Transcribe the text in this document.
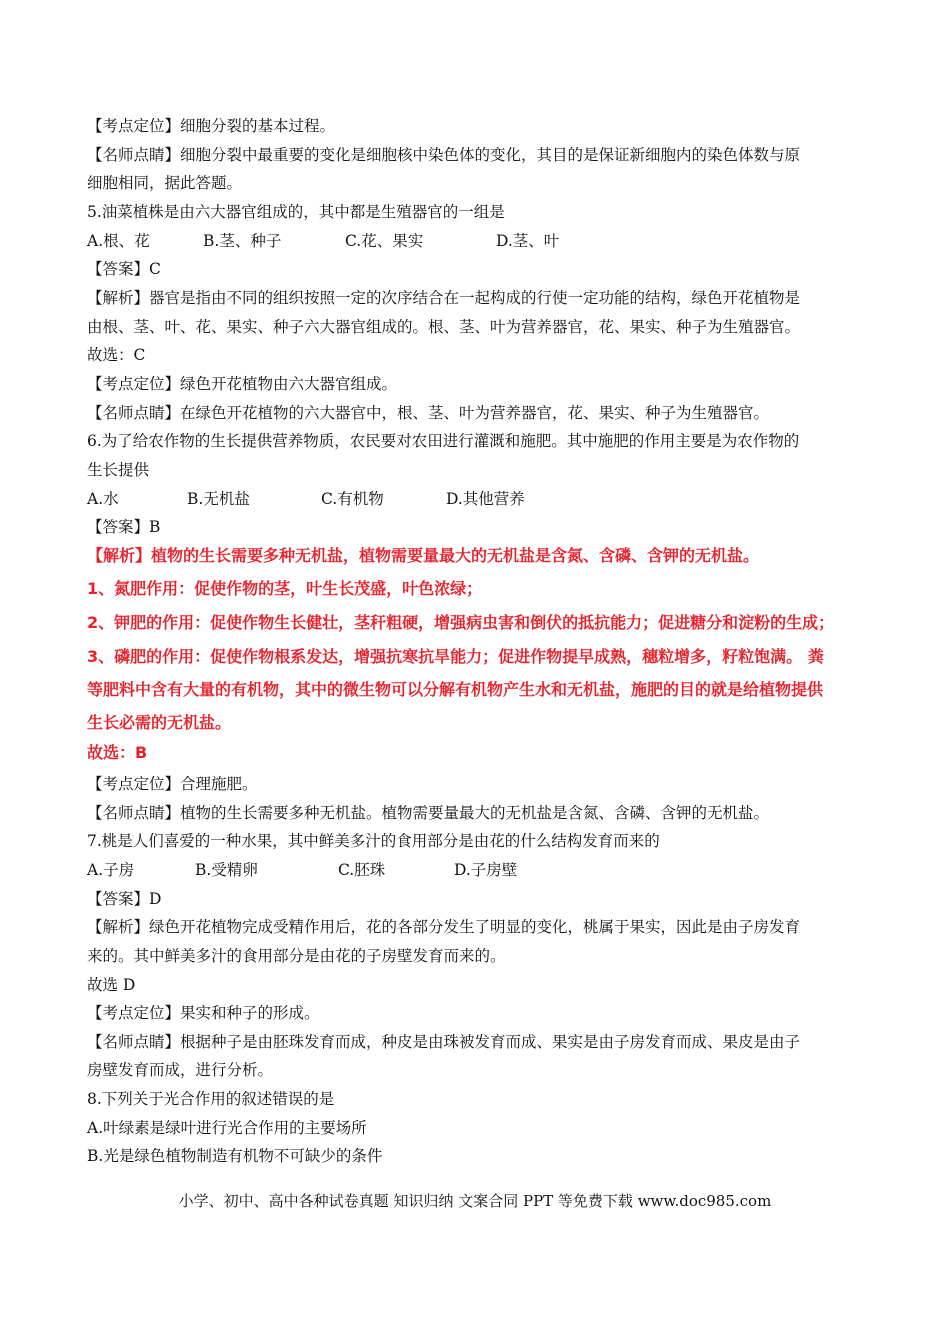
【考点定位】细胞分裂的基本过程。
【名师点睛】细胞分裂中最重要的变化是细胞核中染色体的变化，其目的是保证新细胞内的染色体数与原
细胞相同，据此答题。
5.油菜植株是由六大器官组成的，其中都是生殖器官的一组是
A.根、花	B.茎、种子	C.花、果实	D.茎、叶
【答案】C
【解析】器官是指由不同的组织按照一定的次序结合在一起构成的行使一定功能的结构，绿色开花植物是
由根、茎、叶、花、果实、种子六大器官组成的。根、茎、叶为营养器官，花、果实、种子为生殖器官。
故选：C
【考点定位】绿色开花植物由六大器官组成。
【名师点睛】在绿色开花植物的六大器官中，根、茎、叶为营养器官，花、果实、种子为生殖器官。
6.为了给农作物的生长提供营养物质，农民要对农田进行灌溉和施肥。其中施肥的作用主要是为农作物的
生长提供
A.水	B.无机盐	C.有机物	D.其他营养
【答案】B
【解析】植物的生长需要多种无机盐，植物需要量最大的无机盐是含氮、含磷、含钾的无机盐。
1、氮肥作用：促使作物的茎，叶生长茂盛，叶色浓绿；
2、钾肥的作用：促使作物生长健壮，茎秆粗硬，增强病虫害和倒伏的抵抗能力；促进糖分和淀粉的生成；
3、磷肥的作用：促使作物根系发达，增强抗寒抗旱能力；促进作物提早成熟，穗粒增多，籽粒饱满。 粪
等肥料中含有大量的有机物，其中的微生物可以分解有机物产生水和无机盐，施肥的目的就是给植物提供
生长必需的无机盐。
故选：B
【考点定位】合理施肥。
【名师点睛】植物的生长需要多种无机盐。植物需要量最大的无机盐是含氮、含磷、含钾的无机盐。
7.桃是人们喜爱的一种水果，其中鲜美多汁的食用部分是由花的什么结构发育而来的
A.子房	B.受精卵	C.胚珠	D.子房壁
【答案】D
【解析】绿色开花植物完成受精作用后，花的各部分发生了明显的变化，桃属于果实，因此是由子房发育
来的。其中鲜美多汁的食用部分是由花的子房壁发育而来的。
故选 D
【考点定位】果实和种子的形成。
【名师点睛】根据种子是由胚珠发育而成，种皮是由珠被发育而成、果实是由子房发育而成、果皮是由子
房壁发育而成，进行分析。
8.下列关于光合作用的叙述错误的是
A.叶绿素是绿叶进行光合作用的主要场所
B.光是绿色植物制造有机物不可缺少的条件
小学、初中、高中各种试卷真题 知识归纳 文案合同 PPT 等免费下载 www.doc985.com
